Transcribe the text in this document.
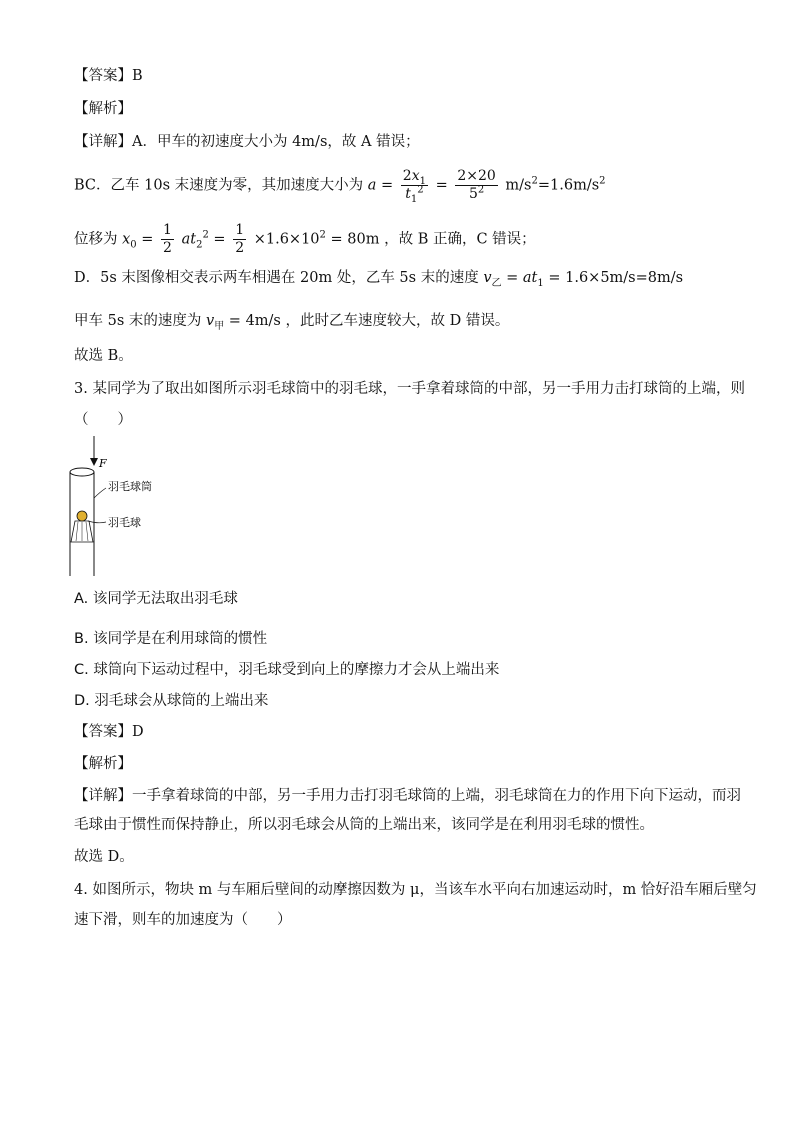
【答案】B
【解析】
【详解】A．甲车的初速度大小为 4m/s，故 A 错误；
BC．乙车 10s 末速度为零，其加速度大小为 $a = \frac{2x_1}{t_1^2} = \frac{2\times 20}{5^2} m/s^2=1.6m/s^2$
位移为 $x_0 = \frac{1}{2} at_2^2 = \frac{1}{2} \times 1.6\times 10^2 = 80m$ ，故 B 正确，C 错误；
D．5s 末图像相交表示两车相遇在 20m 处，乙车 5s 末的速度 $v_乙 = at_1 = 1.6\times 5m/s=8m/s$
甲车 5s 末的速度为 $v_甲 = 4m/s$ ，此时乙车速度较大，故 D 错误。
故选 B。
3. 某同学为了取出如图所示羽毛球筒中的羽毛球，一手拿着球筒的中部，另一手用力击打球筒的上端，则
（　　）
F
羽毛球筒
羽毛球
A. 该同学无法取出羽毛球
B. 该同学是在利用球筒的惯性
C. 球筒向下运动过程中，羽毛球受到向上的摩擦力才会从上端出来
D. 羽毛球会从球筒的上端出来
【答案】D
【解析】
【详解】一手拿着球筒的中部，另一手用力击打羽毛球筒的上端，羽毛球筒在力的作用下向下运动，而羽
毛球由于惯性而保持静止，所以羽毛球会从筒的上端出来，该同学是在利用羽毛球的惯性。
故选 D。
4. 如图所示，物块 m 与车厢后壁间的动摩擦因数为 μ，当该车水平向右加速运动时，m 恰好沿车厢后壁匀
速下滑，则车的加速度为（　　）
